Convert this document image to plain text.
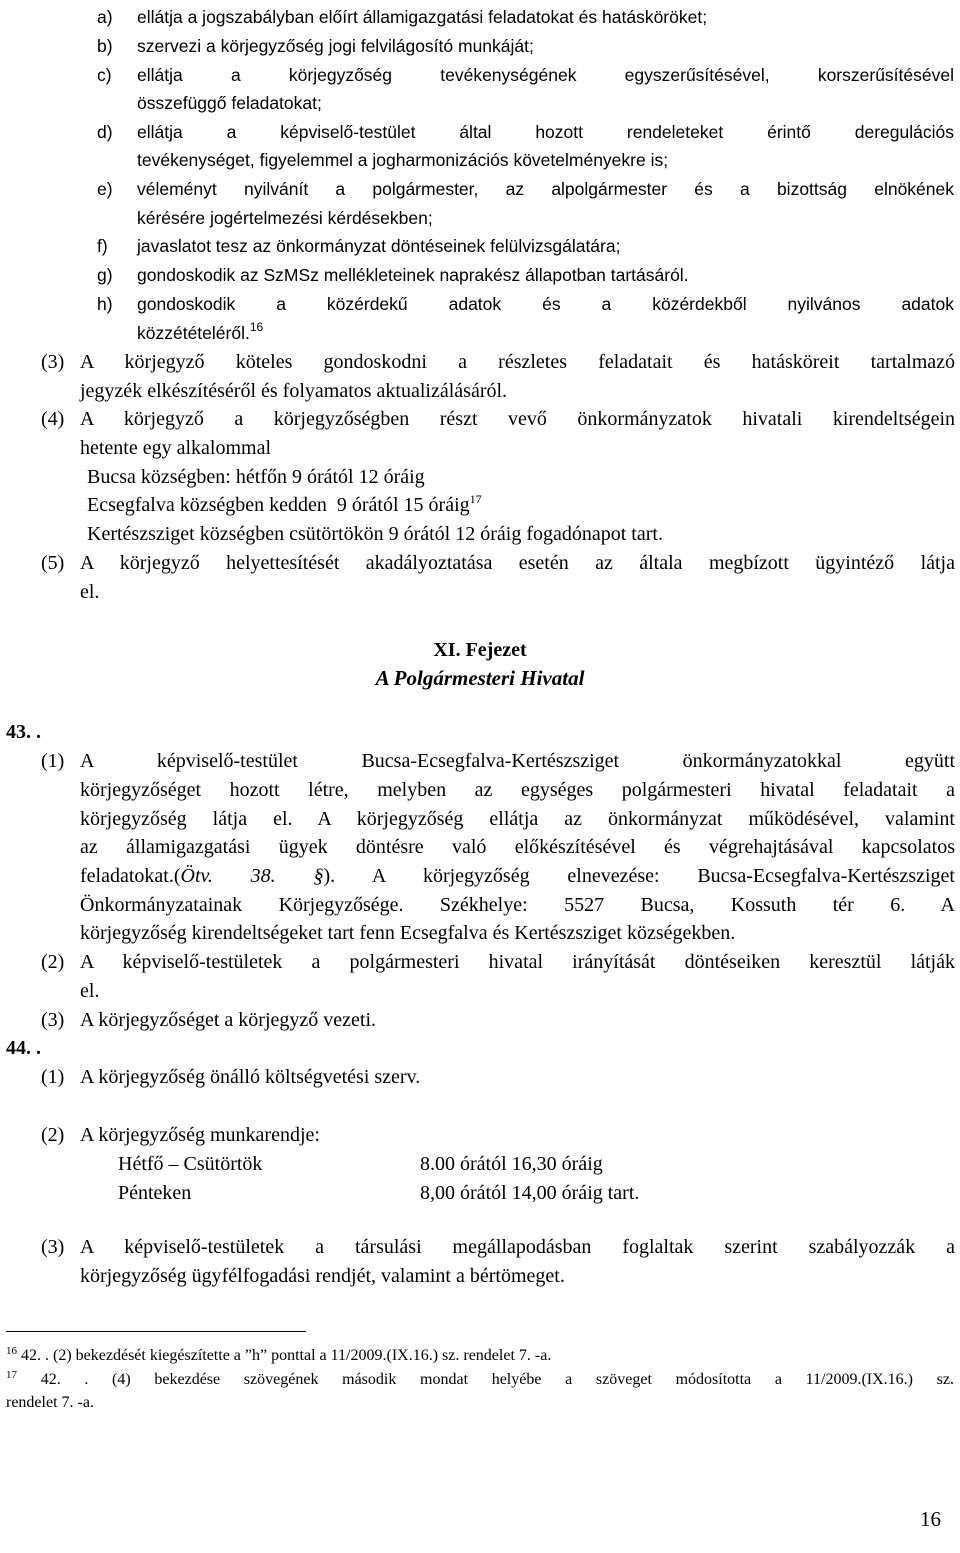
a) ellátja a jogszabályban előírt államigazgatási feladatokat és hatásköröket;
b) szervezi a körjegyzőség jogi felvilágosító munkáját;
c) ellátja a körjegyzőség tevékenységének egyszerűsítésével, korszerűsítésével
összefüggő feladatokat;
d) ellátja a képviselő-testület által hozott rendeleteket érintő deregulációs
tevékenységet, figyelemmel a jogharmonizációs követelményekre is;
e) véleményt nyilvánít a polgármester, az alpolgármester és a bizottság elnökének
kérésére jogértelmezési kérdésekben;
f) javaslatot tesz az önkormányzat döntéseinek felülvizsgálatára;
g) gondoskodik az SzMSz mellékleteinek naprakész állapotban tartásáról.
h) gondoskodik a közérdekű adatok és a közérdekből nyilvános adatok
közzétételéről.$^{16}$
(3) A körjegyző köteles gondoskodni a részletes feladatait és hatásköreit tartalmazó
jegyzék elkészítéséről és folyamatos aktualizálásáról.
(4) A körjegyző a körjegyzőségben részt vevő önkormányzatok hivatali kirendeltségein
hetente egy alkalommal
Bucsa községben: hétfőn 9 órától 12 óráig
Ecsegfalva községben kedden  9 órától 15 óráig$^{17}$
Kertészsziget községben csütörtökön 9 órától 12 óráig fogadónapot tart.
(5) A körjegyző helyettesítését akadályoztatása esetén az általa megbízott ügyintéző látja
el.
XI. Fejezet
A Polgármesteri Hivatal
43. .
(1) A képviselő-testület Bucsa-Ecsegfalva-Kertészsziget önkormányzatokkal együtt
körjegyzőséget hozott létre, melyben az egységes polgármesteri hivatal feladatait a
körjegyzőség látja el. A körjegyzőség ellátja az önkormányzat működésével, valamint
az államigazgatási ügyek döntésre való előkészítésével és végrehajtásával kapcsolatos
feladatokat.(Ötv. 38. §). A körjegyzőség elnevezése: Bucsa-Ecsegfalva-Kertészsziget
Önkormányzatainak Körjegyzősége. Székhelye: 5527 Bucsa, Kossuth tér 6. A
körjegyzőség kirendeltségeket tart fenn Ecsegfalva és Kertészsziget községekben.
(2) A képviselő-testületek a polgármesteri hivatal irányítását döntéseiken keresztül látják
el.
(3) A körjegyzőséget a körjegyző vezeti.
44. .
(1) A körjegyzőség önálló költségvetési szerv.
(2) A körjegyzőség munkarendje:
Hétfő – Csütörtök	8.00 órától 16,30 óráig
Pénteken	8,00 órától 14,00 óráig tart.
(3) A képviselő-testületek a társulási megállapodásban foglaltak szerint szabályozzák a
körjegyzőség ügyfélfogadási rendjét, valamint a bértömeget.
$^{16}$ 42. . (2) bekezdését kiegészítette a ”h” ponttal a 11/2009.(IX.16.) sz. rendelet 7. -a.
$^{17}$ 42. . (4) bekezdése szövegének második mondat helyébe a szöveget módosította a 11/2009.(IX.16.) sz.
rendelet 7. -a.
16
